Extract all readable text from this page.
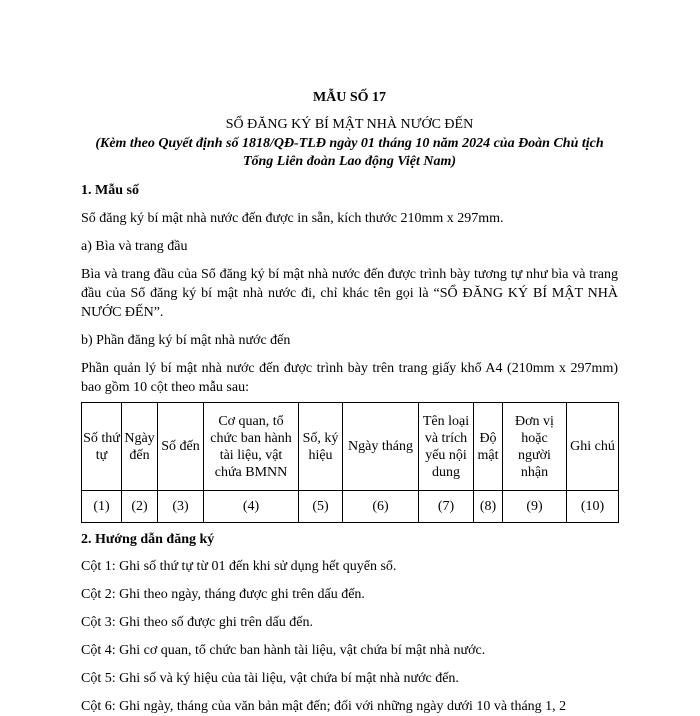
MẪU SỐ 17

SỔ ĐĂNG KÝ BÍ MẬT NHÀ NƯỚC ĐẾN

(Kèm theo Quyết định số 1818/QĐ-TLĐ ngày 01 tháng 10 năm 2024 của Đoàn Chủ tịch Tổng Liên đoàn Lao động Việt Nam)

1. Mẫu số

Sổ đăng ký bí mật nhà nước đến được in sẵn, kích thước 210mm x 297mm.

a) Bìa và trang đầu

Bìa và trang đầu của Sổ đăng ký bí mật nhà nước đến được trình bày tương tự như bìa và trang đầu của Sổ đăng ký bí mật nhà nước đi, chỉ khác tên gọi là “SỔ ĐĂNG KÝ BÍ MẬT NHÀ NƯỚC ĐẾN”.

b) Phần đăng ký bí mật nhà nước đến

Phần quản lý bí mật nhà nước đến được trình bày trên trang giấy khổ A4 (210mm x 297mm) bao gồm 10 cột theo mẫu sau:

Số thứ tự	Ngày đến	Số đến	Cơ quan, tổ chức ban hành tài liệu, vật chứa BMNN	Số, ký hiệu	Ngày tháng	Tên loại và trích yếu nội dung	Độ mật	Đơn vị hoặc người nhận	Ghi chú
(1)	(2)	(3)	(4)	(5)	(6)	(7)	(8)	(9)	(10)

2. Hướng dẫn đăng ký

Cột 1: Ghi số thứ tự từ 01 đến khi sử dụng hết quyển sổ.

Cột 2: Ghi theo ngày, tháng được ghi trên dấu đến.

Cột 3: Ghi theo số được ghi trên dấu đến.

Cột 4: Ghi cơ quan, tổ chức ban hành tài liệu, vật chứa bí mật nhà nước.

Cột 5: Ghi số và ký hiệu của tài liệu, vật chứa bí mật nhà nước đến.

Cột 6: Ghi ngày, tháng của văn bản mật đến; đối với những ngày dưới 10 và tháng 1, 2
